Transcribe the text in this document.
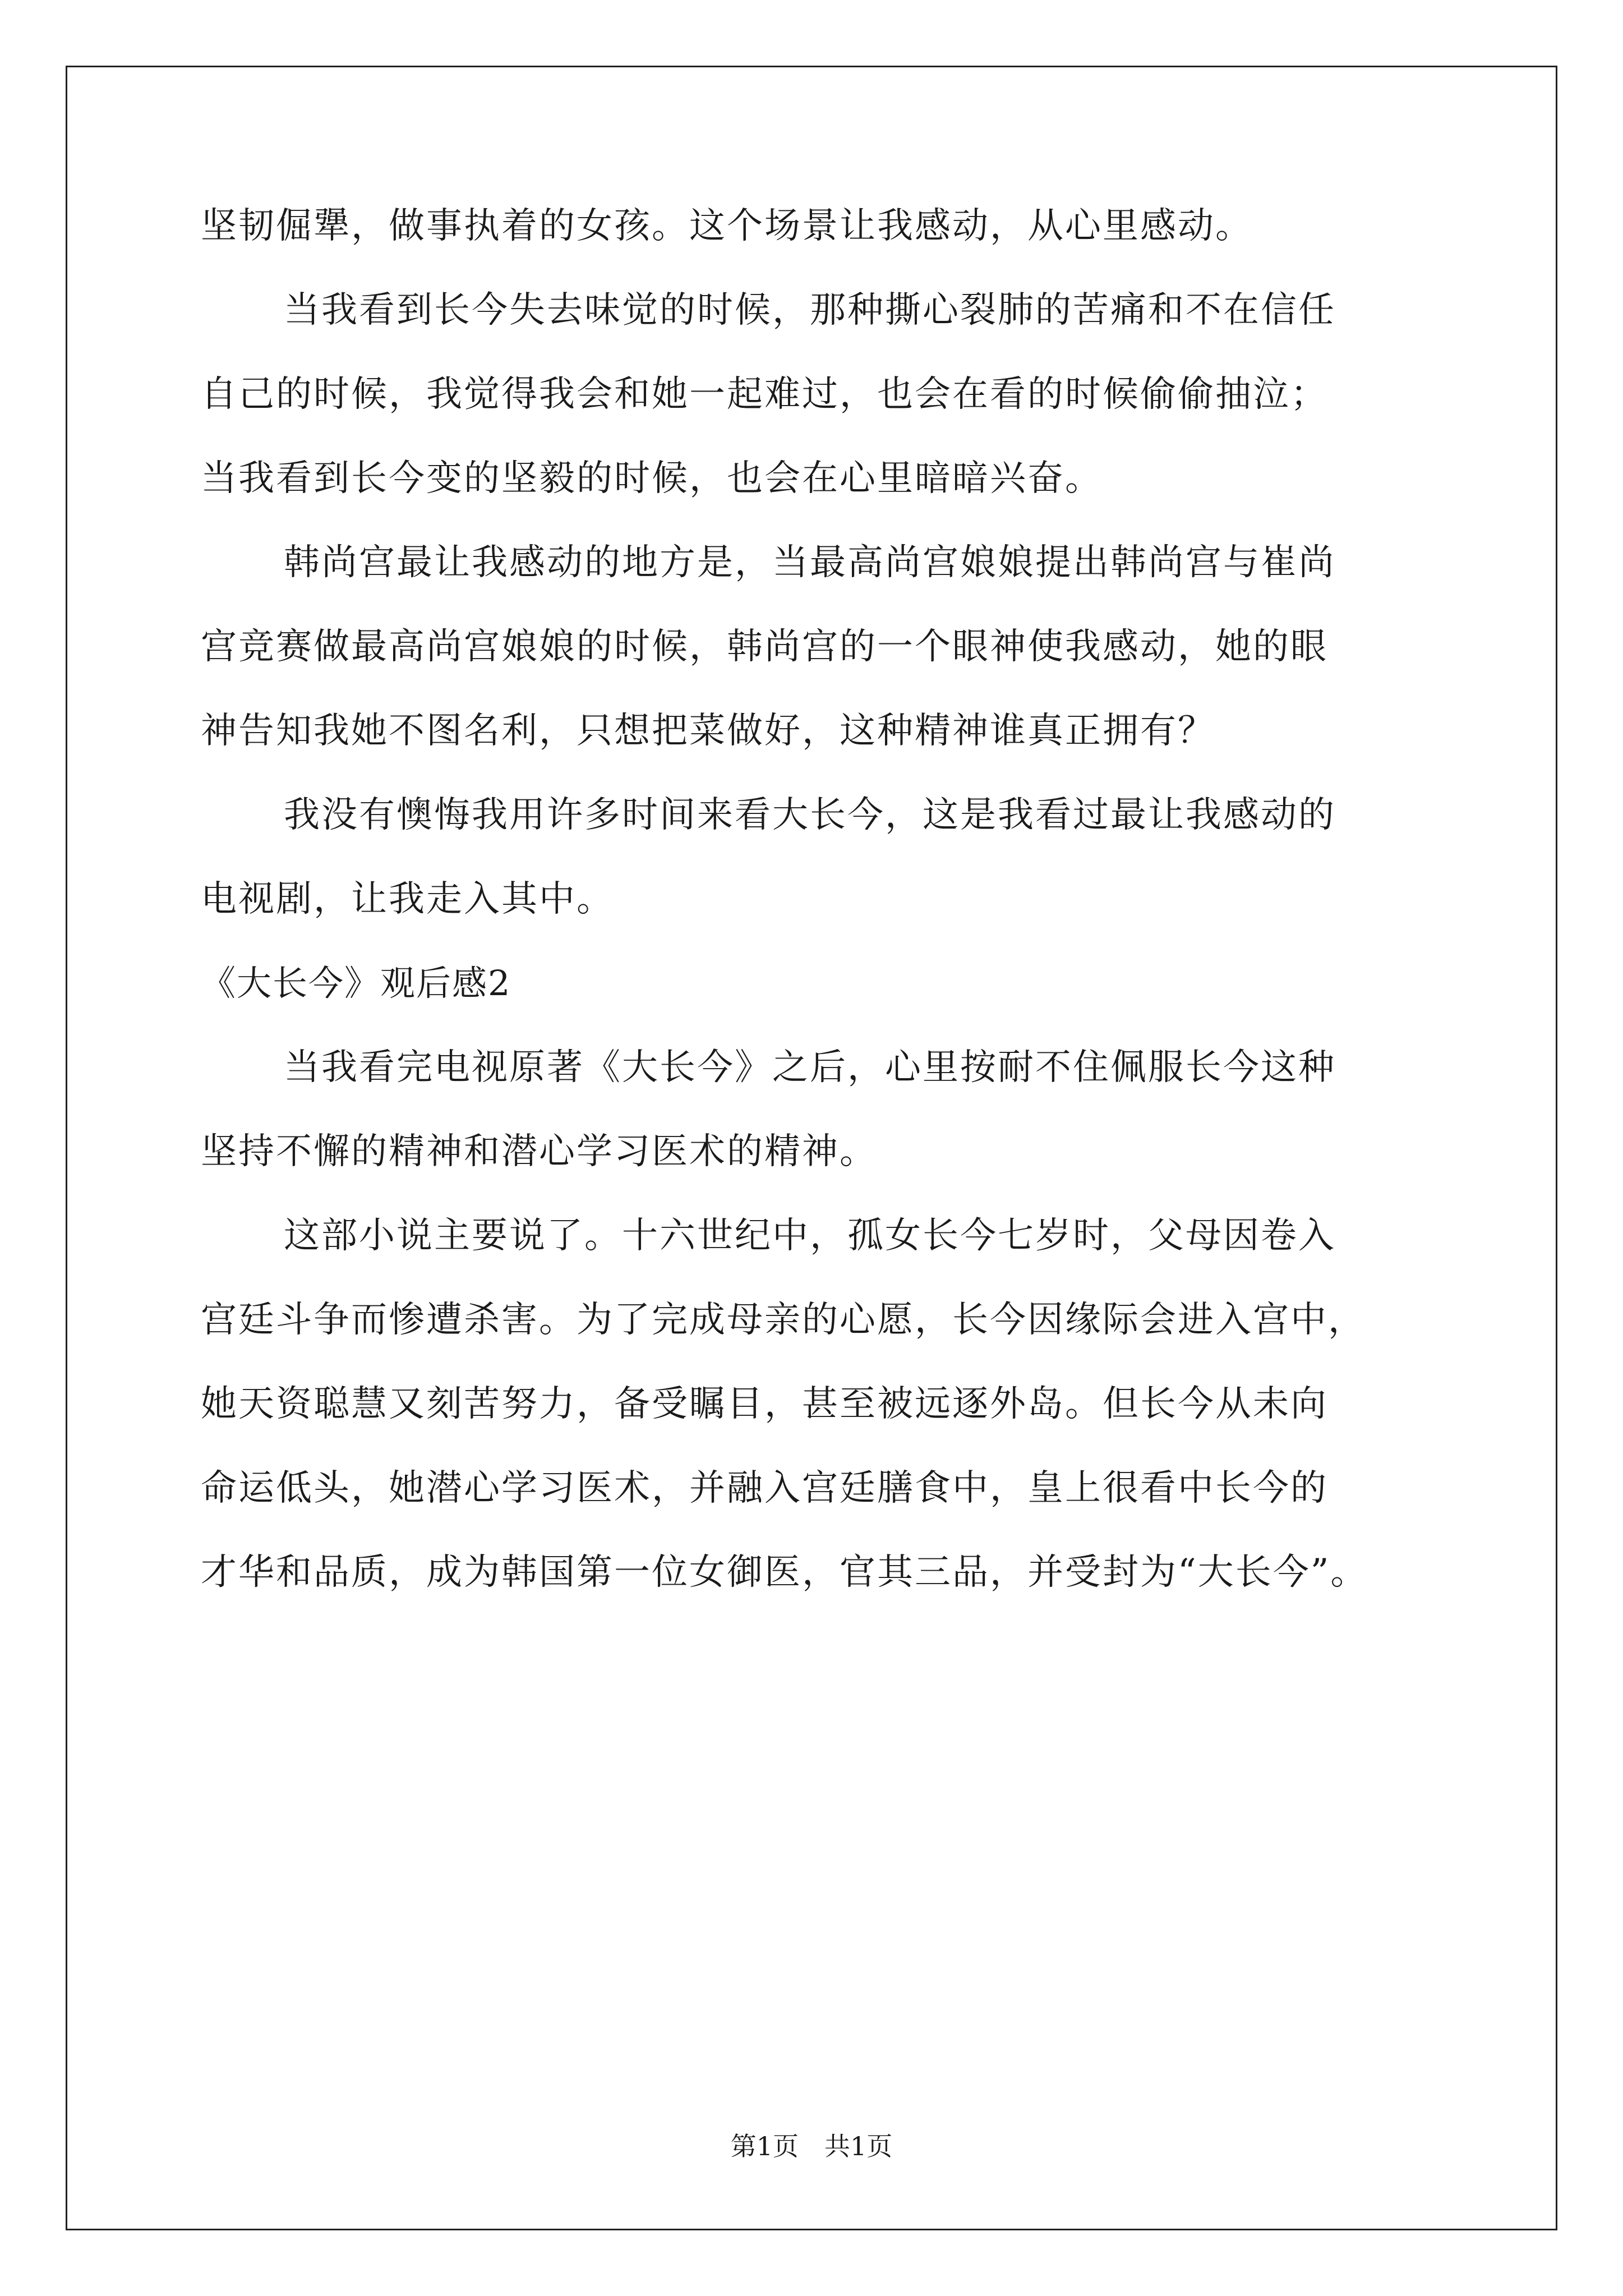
坚韧倔犟，做事执着的女孩。这个场景让我感动，从心里感动。
当我看到长今失去味觉的时候，那种撕心裂肺的苦痛和不在信任
自己的时候，我觉得我会和她一起难过，也会在看的时候偷偷抽泣；
当我看到长今变的坚毅的时候，也会在心里暗暗兴奋。
韩尚宫最让我感动的地方是，当最高尚宫娘娘提出韩尚宫与崔尚
宫竞赛做最高尚宫娘娘的时候，韩尚宫的一个眼神使我感动，她的眼
神告知我她不图名利，只想把菜做好，这种精神谁真正拥有？
我没有懊悔我用许多时间来看大长今，这是我看过最让我感动的
电视剧，让我走入其中。
《大长今》观后感2
当我看完电视原著《大长今》之后，心里按耐不住佩服长今这种
坚持不懈的精神和潜心学习医术的精神。
这部小说主要说了。十六世纪中，孤女长今七岁时，父母因卷入
宫廷斗争而惨遭杀害。为了完成母亲的心愿，长今因缘际会进入宫中，
她天资聪慧又刻苦努力，备受瞩目，甚至被远逐外岛。但长今从未向
命运低头，她潜心学习医术，并融入宫廷膳食中，皇上很看中长今的
才华和品质，成为韩国第一位女御医，官其三品，并受封为“大长今”。
第1页　共1页
